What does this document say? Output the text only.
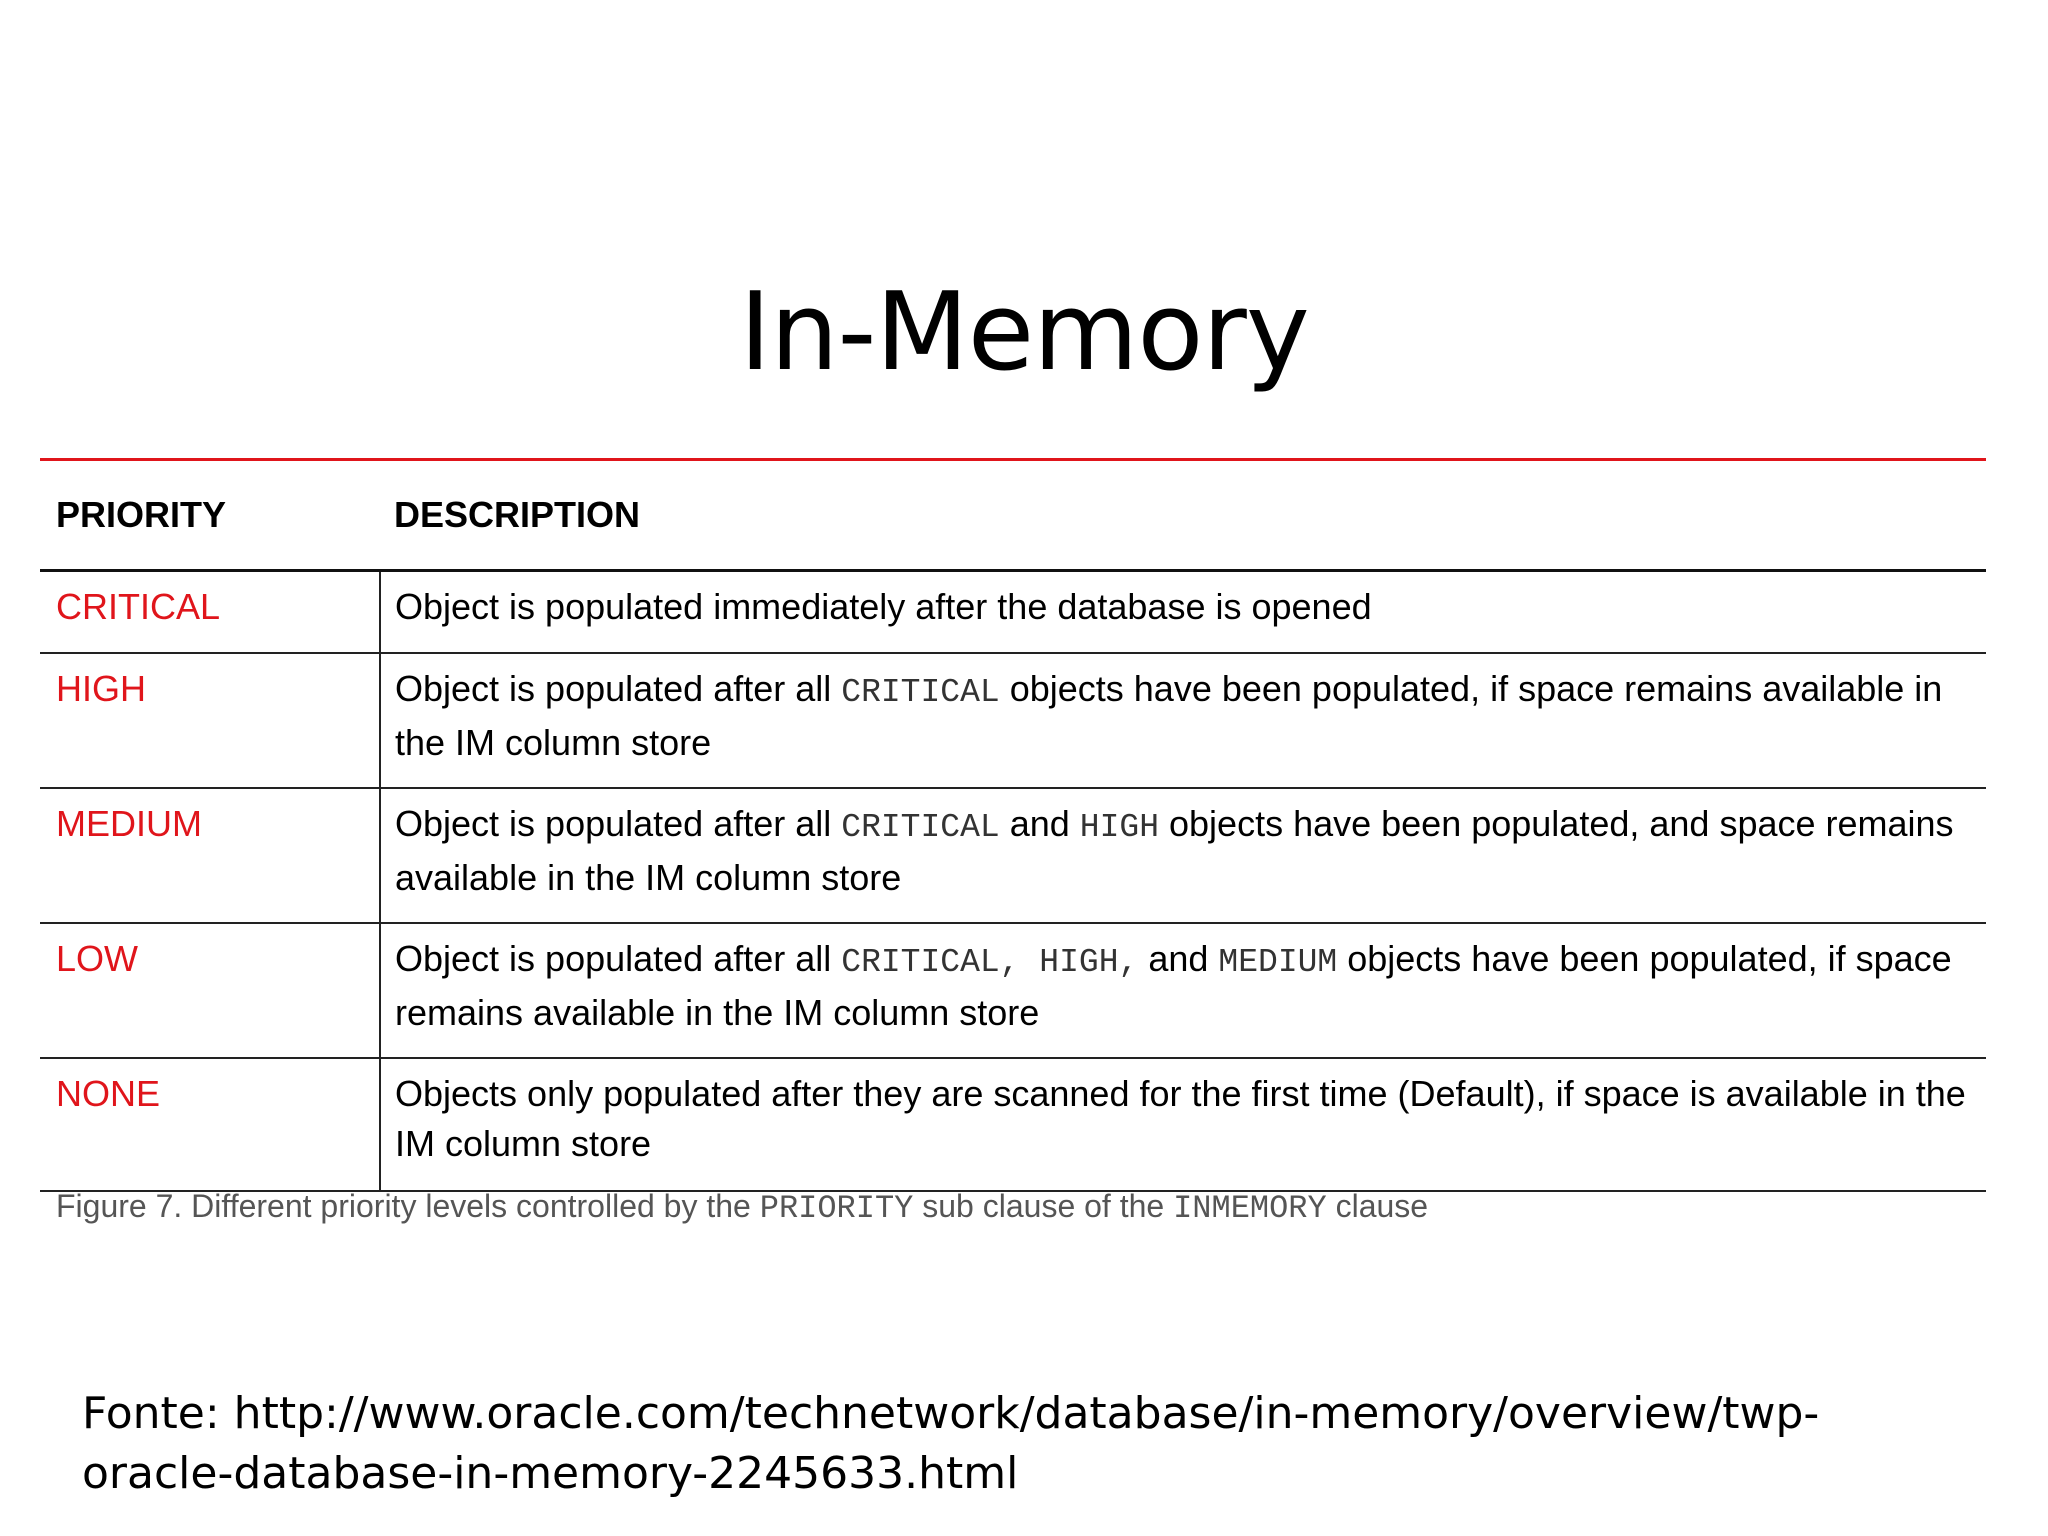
In-Memory
PRIORITY	DESCRIPTION
CRITICAL	Object is populated immediately after the database is opened
HIGH	Object is populated after all CRITICAL objects have been populated, if space remains available in the IM column store
MEDIUM	Object is populated after all CRITICAL and HIGH objects have been populated, and space remains available in the IM column store
LOW	Object is populated after all CRITICAL, HIGH, and MEDIUM objects have been populated, if space remains available in the IM column store
NONE	Objects only populated after they are scanned for the first time (Default), if space is available in the IM column store
Figure 7. Different priority levels controlled by the PRIORITY sub clause of the INMEMORY clause
Fonte: http://www.oracle.com/technetwork/database/in-memory/overview/twp-
oracle-database-in-memory-2245633.html
